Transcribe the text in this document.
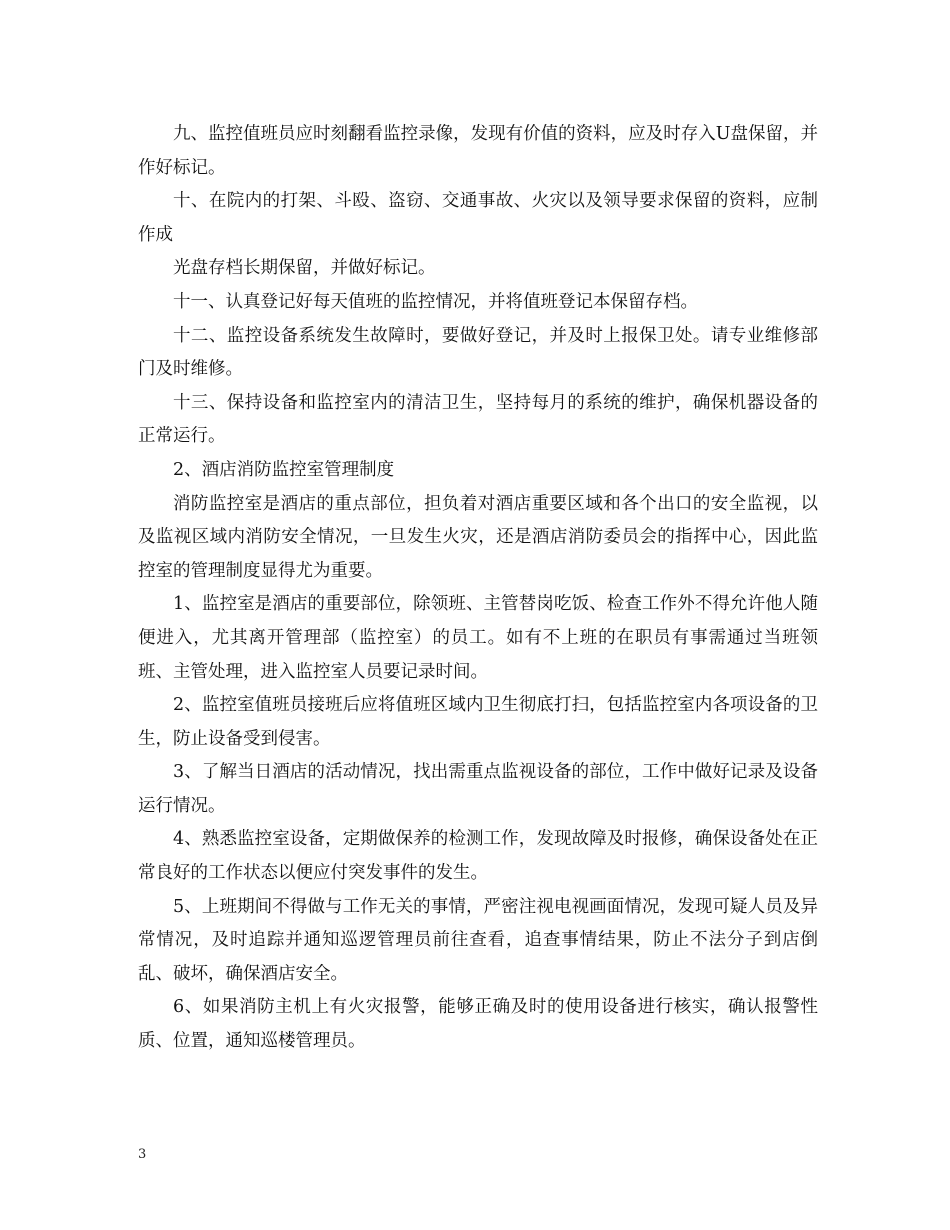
九、监控值班员应时刻翻看监控录像，发现有价值的资料，应及时存入U盘保留，并作好标记。

十、在院内的打架、斗殴、盗窃、交通事故、火灾以及领导要求保留的资料，应制作成

光盘存档长期保留，并做好标记。

十一、认真登记好每天值班的监控情况，并将值班登记本保留存档。

十二、监控设备系统发生故障时，要做好登记，并及时上报保卫处。请专业维修部门及时维修。

十三、保持设备和监控室内的清洁卫生，坚持每月的系统的维护，确保机器设备的正常运行。

2、酒店消防监控室管理制度

消防监控室是酒店的重点部位，担负着对酒店重要区域和各个出口的安全监视，以及监视区域内消防安全情况，一旦发生火灾，还是酒店消防委员会的指挥中心，因此监控室的管理制度显得尤为重要。

1、监控室是酒店的重要部位，除领班、主管替岗吃饭、检查工作外不得允许他人随便进入，尤其离开管理部（监控室）的员工。如有不上班的在职员有事需通过当班领班、主管处理，进入监控室人员要记录时间。

2、监控室值班员接班后应将值班区域内卫生彻底打扫，包括监控室内各项设备的卫生，防止设备受到侵害。

3、了解当日酒店的活动情况，找出需重点监视设备的部位，工作中做好记录及设备运行情况。

4、熟悉监控室设备，定期做保养的检测工作，发现故障及时报修，确保设备处在正常良好的工作状态以便应付突发事件的发生。

5、上班期间不得做与工作无关的事情，严密注视电视画面情况，发现可疑人员及异常情况，及时追踪并通知巡逻管理员前往查看，追查事情结果，防止不法分子到店倒乱、破坏，确保酒店安全。

6、如果消防主机上有火灾报警，能够正确及时的使用设备进行核实，确认报警性质、位置，通知巡楼管理员。

3
